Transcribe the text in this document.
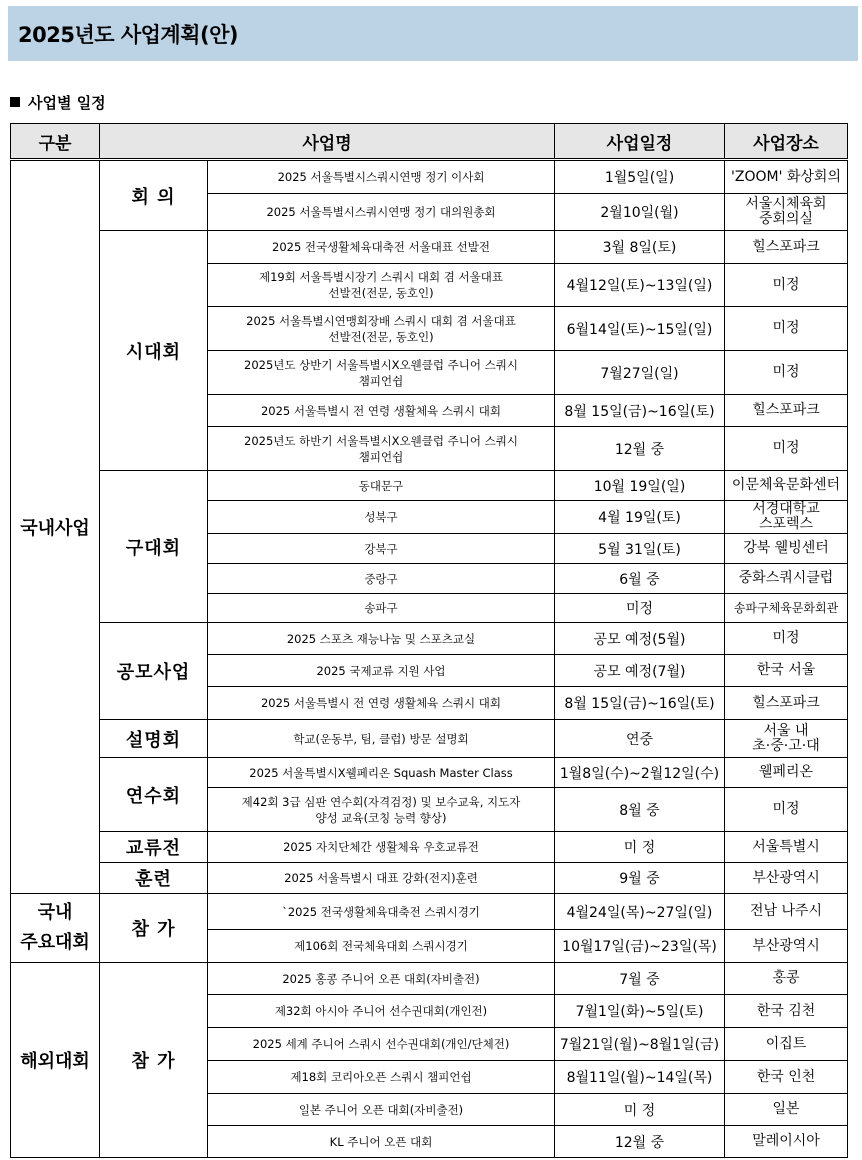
2025년도 사업계획(안)
사업별 일정
구분	사업명		사업일정	사업장소
국내사업	회 의	2025 서울특별시스쿼시연맹 정기 이사회	1월5일(일)	'ZOOM' 화상회의
		2025 서울특별시스쿼시연맹 정기 대의원총회	2월10일(월)	서울시체육회
중회의실
	시대회	2025 전국생활체육대축전 서울대표 선발전	3월 8일(토)	힐스포파크
		제19회 서울특별시장기 스쿼시 대회 겸 서울대표
선발전(전문, 동호인)	4월12일(토)~13일(일)	미정
		2025 서울특별시연맹회장배 스쿼시 대회 겸 서울대표
선발전(전문, 동호인)	6월14일(토)~15일(일)	미정
		2025년도 상반기 서울특별시X오웬클럽 주니어 스쿼시
챔피언쉽	7월27일(일)	미정
		2025 서울특별시 전 연령 생활체육 스쿼시 대회	8월 15일(금)~16일(토)	힐스포파크
		2025년도 하반기 서울특별시X오웬클럽 주니어 스쿼시
챔피언쉽	12월 중	미정
	구대회	동대문구	10월 19일(일)	이문체육문화센터
		성북구	4월 19일(토)	서경대학교
스포렉스
		강북구	5월 31일(토)	강북 웰빙센터
		중랑구	6월 중	중화스쿼시클럽
		송파구	미정	송파구체육문화회관
	공모사업	2025 스포츠 재능나눔 및 스포츠교실	공모 예정(5월)	미정
		2025 국제교류 지원 사업	공모 예정(7월)	한국 서울
		2025 서울특별시 전 연령 생활체육 스쿼시 대회	8월 15일(금)~16일(토)	힐스포파크
	설명회	학교(운동부, 팀, 클럽) 방문 설명회	연중	서울 내
초·중·고·대
	연수회	2025 서울특별시X웰페리온 Squash Master Class	1월8일(수)~2월12일(수)	웰페리온
		제42회 3급 심판 연수회(자격검정) 및 보수교육, 지도자
양성 교육(코칭 능력 향상)	8월 중	미정
	교류전	2025 자치단체간 생활체육 우호교류전	미 정	서울특별시
	훈련	2025 서울특별시 대표 강화(전지)훈련	9월 중	부산광역시
국내
주요대회	참 가	`2025 전국생활체육대축전 스쿼시경기	4월24일(목)~27일(일)	전남 나주시
		제106회 전국체육대회 스쿼시경기	10월17일(금)~23일(목)	부산광역시
해외대회	참 가	2025 홍콩 주니어 오픈 대회(자비출전)	7월 중	홍콩
		제32회 아시아 주니어 선수권대회(개인전)	7월1일(화)~5일(토)	한국 김천
		2025 세계 주니어 스쿼시 선수권대회(개인/단체전)	7월21일(월)~8월1일(금)	이집트
		제18회 코리아오픈 스쿼시 챔피언쉽	8월11일(월)~14일(목)	한국 인천
		일본 주니어 오픈 대회(자비출전)	미 정	일본
		KL 주니어 오픈 대회	12월 중	말레이시아
